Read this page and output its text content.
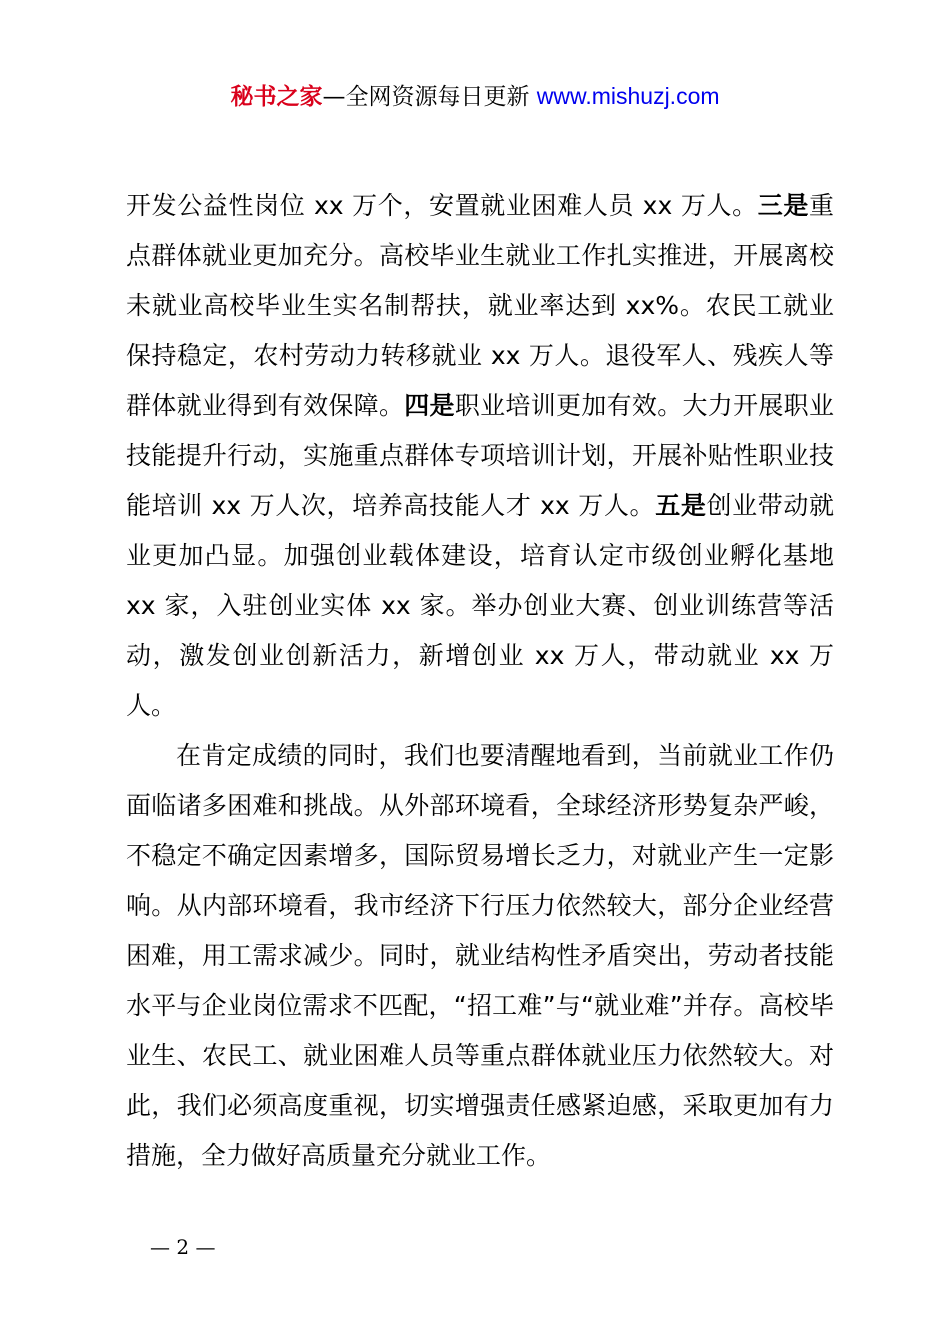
秘书之家—全网资源每日更新 www.mishuzj.com

开发公益性岗位 xx 万个，安置就业困难人员 xx 万人。三是重点群体就业更加充分。高校毕业生就业工作扎实推进，开展离校未就业高校毕业生实名制帮扶，就业率达到 xx%。农民工就业保持稳定，农村劳动力转移就业 xx 万人。退役军人、残疾人等群体就业得到有效保障。四是职业培训更加有效。大力开展职业技能提升行动，实施重点群体专项培训计划，开展补贴性职业技能培训 xx 万人次，培养高技能人才 xx 万人。五是创业带动就业更加凸显。加强创业载体建设，培育认定市级创业孵化基地 xx 家，入驻创业实体 xx 家。举办创业大赛、创业训练营等活动，激发创业创新活力，新增创业 xx 万人，带动就业 xx 万人。

在肯定成绩的同时，我们也要清醒地看到，当前就业工作仍面临诸多困难和挑战。从外部环境看，全球经济形势复杂严峻，不稳定不确定因素增多，国际贸易增长乏力，对就业产生一定影响。从内部环境看，我市经济下行压力依然较大，部分企业经营困难，用工需求减少。同时，就业结构性矛盾突出，劳动者技能水平与企业岗位需求不匹配，“招工难”与“就业难”并存。高校毕业生、农民工、就业困难人员等重点群体就业压力依然较大。对此，我们必须高度重视，切实增强责任感紧迫感，采取更加有力措施，全力做好高质量充分就业工作。

— 2 —
